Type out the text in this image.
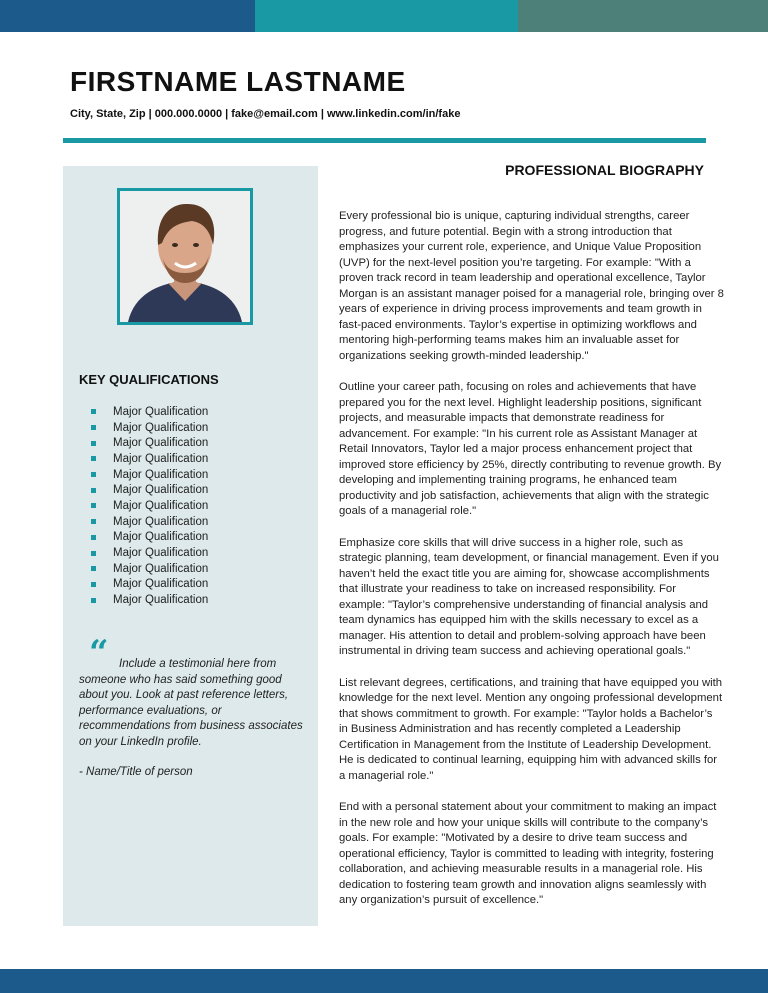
FIRSTNAME LASTNAME
City, State, Zip | 000.000.0000 | fake@email.com | www.linkedin.com/in/fake
KEY QUALIFICATIONS
Major Qualification
Major Qualification
Major Qualification
Major Qualification
Major Qualification
Major Qualification
Major Qualification
Major Qualification
Major Qualification
Major Qualification
Major Qualification
Major Qualification
Major Qualification
“ Include a testimonial here from someone who has said something good about you. Look at past reference letters, performance evaluations, or recommendations from business associates on your LinkedIn profile.

- Name/Title of person
PROFESSIONAL BIOGRAPHY

Every professional bio is unique, capturing individual strengths, career progress, and future potential. Begin with a strong introduction that emphasizes your current role, experience, and Unique Value Proposition (UVP) for the next-level position you’re targeting. For example: "With a proven track record in team leadership and operational excellence, Taylor Morgan is an assistant manager poised for a managerial role, bringing over 8 years of experience in driving process improvements and team growth in fast-paced environments. Taylor’s expertise in optimizing workflows and mentoring high-performing teams makes him an invaluable asset for organizations seeking growth-minded leadership."

Outline your career path, focusing on roles and achievements that have prepared you for the next level. Highlight leadership positions, significant projects, and measurable impacts that demonstrate readiness for advancement. For example: "In his current role as Assistant Manager at Retail Innovators, Taylor led a major process enhancement project that improved store efficiency by 25%, directly contributing to revenue growth. By developing and implementing training programs, he enhanced team productivity and job satisfaction, achievements that align with the strategic goals of a managerial role."

Emphasize core skills that will drive success in a higher role, such as strategic planning, team development, or financial management. Even if you haven’t held the exact title you are aiming for, showcase accomplishments that illustrate your readiness to take on increased responsibility. For example: "Taylor’s comprehensive understanding of financial analysis and team dynamics has equipped him with the skills necessary to excel as a manager. His attention to detail and problem-solving approach have been instrumental in driving team success and achieving operational goals."

List relevant degrees, certifications, and training that have equipped you with knowledge for the next level. Mention any ongoing professional development that shows commitment to growth. For example: "Taylor holds a Bachelor’s in Business Administration and has recently completed a Leadership Certification in Management from the Institute of Leadership Development. He is dedicated to continual learning, equipping him with advanced skills for a managerial role."

End with a personal statement about your commitment to making an impact in the new role and how your unique skills will contribute to the company’s goals. For example: "Motivated by a desire to drive team success and operational efficiency, Taylor is committed to leading with integrity, fostering collaboration, and achieving measurable results in a managerial role. His dedication to fostering team growth and innovation aligns seamlessly with any organization’s pursuit of excellence."
